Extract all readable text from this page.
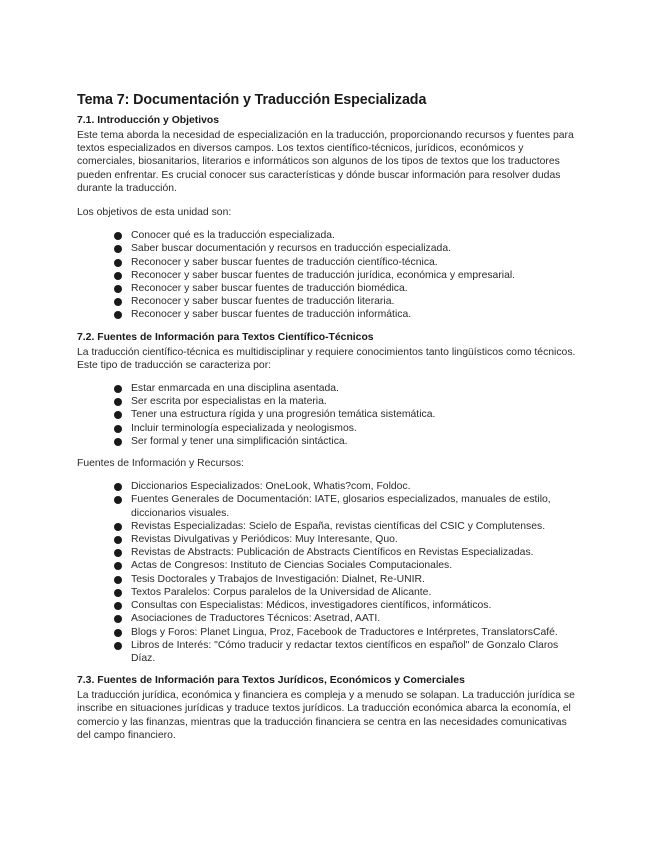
Tema 7: Documentación y Traducción Especializada
7.1. Introducción y Objetivos

Este tema aborda la necesidad de especialización en la traducción, proporcionando recursos y fuentes para textos especializados en diversos campos. Los textos científico-técnicos, jurídicos, económicos y comerciales, biosanitarios, literarios e informáticos son algunos de los tipos de textos que los traductores pueden enfrentar. Es crucial conocer sus características y dónde buscar información para resolver dudas durante la traducción.

Los objetivos de esta unidad son:

Conocer qué es la traducción especializada.
Saber buscar documentación y recursos en traducción especializada.
Reconocer y saber buscar fuentes de traducción científico-técnica.
Reconocer y saber buscar fuentes de traducción jurídica, económica y empresarial.
Reconocer y saber buscar fuentes de traducción biomédica.
Reconocer y saber buscar fuentes de traducción literaria.
Reconocer y saber buscar fuentes de traducción informática.
7.2. Fuentes de Información para Textos Científico-Técnicos

La traducción científico-técnica es multidisciplinar y requiere conocimientos tanto lingüísticos como técnicos. Este tipo de traducción se caracteriza por:

Estar enmarcada en una disciplina asentada.
Ser escrita por especialistas en la materia.
Tener una estructura rígida y una progresión temática sistemática.
Incluir terminología especializada y neologismos.
Ser formal y tener una simplificación sintáctica.

Fuentes de Información y Recursos:

Diccionarios Especializados: OneLook, Whatis?com, Foldoc.
Fuentes Generales de Documentación: IATE, glosarios especializados, manuales de estilo, diccionarios visuales.
Revistas Especializadas: Scielo de España, revistas científicas del CSIC y Complutenses.
Revistas Divulgativas y Periódicos: Muy Interesante, Quo.
Revistas de Abstracts: Publicación de Abstracts Científicos en Revistas Especializadas.
Actas de Congresos: Instituto de Ciencias Sociales Computacionales.
Tesis Doctorales y Trabajos de Investigación: Dialnet, Re-UNIR.
Textos Paralelos: Corpus paralelos de la Universidad de Alicante.
Consultas con Especialistas: Médicos, investigadores científicos, informáticos.
Asociaciones de Traductores Técnicos: Asetrad, AATI.
Blogs y Foros: Planet Lingua, Proz, Facebook de Traductores e Intérpretes, TranslatorsCafé.
Libros de Interés: "Cómo traducir y redactar textos científicos en español" de Gonzalo Claros Díaz.
7.3. Fuentes de Información para Textos Jurídicos, Económicos y Comerciales

La traducción jurídica, económica y financiera es compleja y a menudo se solapan. La traducción jurídica se inscribe en situaciones jurídicas y traduce textos jurídicos. La traducción económica abarca la economía, el comercio y las finanzas, mientras que la traducción financiera se centra en las necesidades comunicativas del campo financiero.
